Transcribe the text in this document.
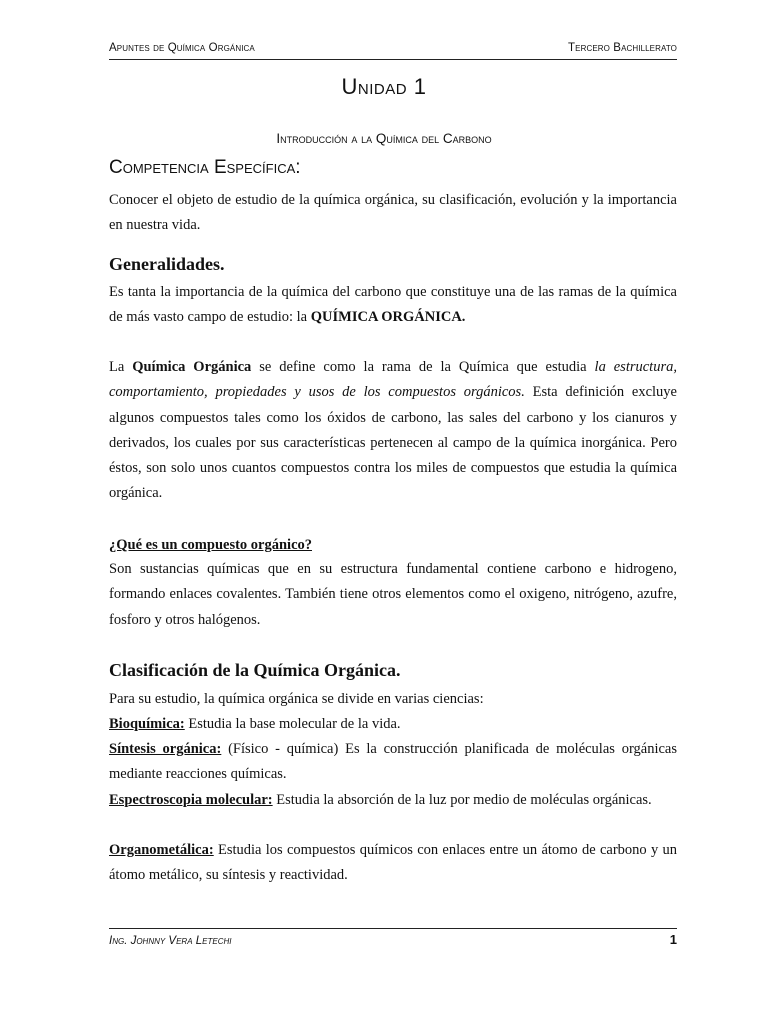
Apuntes de Química Orgánica	Tercero Bachillerato
Unidad 1
Introducción a la Química del Carbono
Competencia Específica:

Conocer el objeto de estudio de la química orgánica, su clasificación, evolución y la importancia en nuestra vida.

Generalidades.

Es tanta la importancia de la química del carbono que constituye una de las ramas de la química de más vasto campo de estudio: la QUÍMICA ORGÁNICA.

La Química Orgánica se define como la rama de la Química que estudia la estructura, comportamiento, propiedades y usos de los compuestos orgánicos. Esta definición excluye algunos compuestos tales como los óxidos de carbono, las sales del carbono y los cianuros y derivados, los cuales por sus características pertenecen al campo de la química inorgánica. Pero éstos, son solo unos cuantos compuestos contra los miles de compuestos que estudia la química orgánica.

¿Qué es un compuesto orgánico?

Son sustancias químicas que en su estructura fundamental contiene carbono e hidrogeno, formando enlaces covalentes. También tiene otros elementos como el oxigeno, nitrógeno, azufre, fosforo y otros halógenos.

Clasificación de la Química Orgánica.

Para su estudio, la química orgánica se divide en varias ciencias:

Bioquímica: Estudia la base molecular de la vida.

Síntesis orgánica: (Físico - química) Es la construcción planificada de moléculas orgánicas mediante reacciones químicas.

Espectroscopia molecular: Estudia la absorción de la luz por medio de moléculas orgánicas.

Organometálica: Estudia los compuestos químicos con enlaces entre un átomo de carbono y un átomo metálico, su síntesis y reactividad.

Ing. Johnny Vera Letechi	1
